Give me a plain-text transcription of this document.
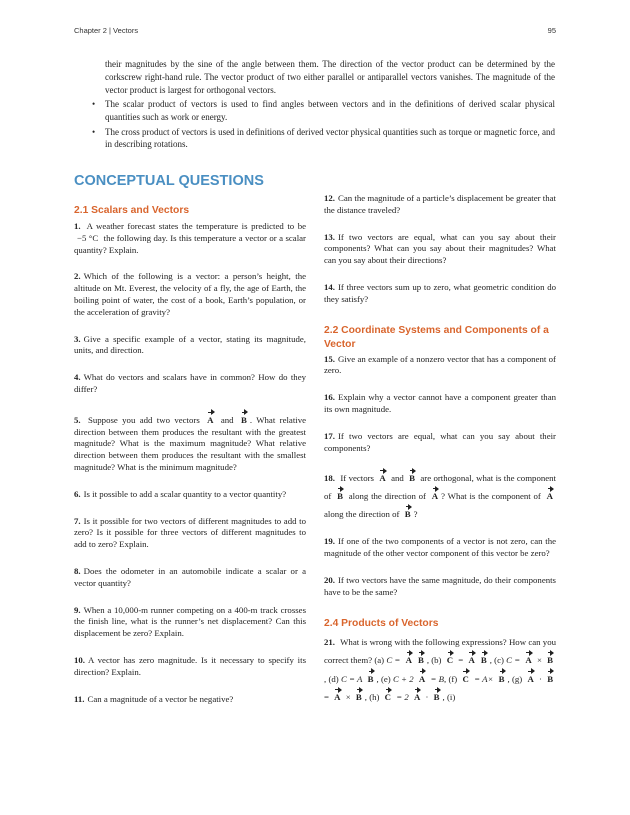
Chapter 2 | Vectors	95
their magnitudes by the sine of the angle between them. The direction of the vector product can be determined by the corkscrew right-hand rule. The vector product of two either parallel or antiparallel vectors vanishes. The magnitude of the vector product is largest for orthogonal vectors.
• The scalar product of vectors is used to find angles between vectors and in the definitions of derived scalar physical quantities such as work or energy.
• The cross product of vectors is used in definitions of derived vector physical quantities such as torque or magnetic force, and in describing rotations.
CONCEPTUAL QUESTIONS
2.1 Scalars and Vectors
1. A weather forecast states the temperature is predicted to be −5 °C the following day. Is this temperature a vector or a scalar quantity? Explain.
2. Which of the following is a vector: a person’s height, the altitude on Mt. Everest, the velocity of a fly, the age of Earth, the boiling point of water, the cost of a book, Earth’s population, or the acceleration of gravity?
3. Give a specific example of a vector, stating its magnitude, units, and direction.
4. What do vectors and scalars have in common? How do they differ?
5. Suppose you add two vectors A and B . What relative direction between them produces the resultant with the greatest magnitude? What is the maximum magnitude? What relative direction between them produces the resultant with the smallest magnitude? What is the minimum magnitude?
6. Is it possible to add a scalar quantity to a vector quantity?
7. Is it possible for two vectors of different magnitudes to add to zero? Is it possible for three vectors of different magnitudes to add to zero? Explain.
8. Does the odometer in an automobile indicate a scalar or a vector quantity?
9. When a 10,000-m runner competing on a 400-m track crosses the finish line, what is the runner’s net displacement? Can this displacement be zero? Explain.
10. A vector has zero magnitude. Is it necessary to specify its direction? Explain.
11. Can a magnitude of a vector be negative?
12. Can the magnitude of a particle’s displacement be greater that the distance traveled?
13. If two vectors are equal, what can you say about their components? What can you say about their magnitudes? What can you say about their directions?
14. If three vectors sum up to zero, what geometric condition do they satisfy?
2.2 Coordinate Systems and Components of a Vector
15. Give an example of a nonzero vector that has a component of zero.
16. Explain why a vector cannot have a component greater than its own magnitude.
17. If two vectors are equal, what can you say about their components?
18. If vectors A and B are orthogonal, what is the component of B along the direction of A ? What is the component of A along the direction of B ?
19. If one of the two components of a vector is not zero, can the magnitude of the other vector component of this vector be zero?
20. If two vectors have the same magnitude, do their components have to be the same?
2.4 Products of Vectors
21. What is wrong with the following expressions? How can you correct them? (a) C = A B , (b) C = A B , (c) C = A × B, (d) C = A B , (e) C + 2 A = B, (f) C = A× B , (g) A · B = A × B , (h) C = 2 A · B , (i)
